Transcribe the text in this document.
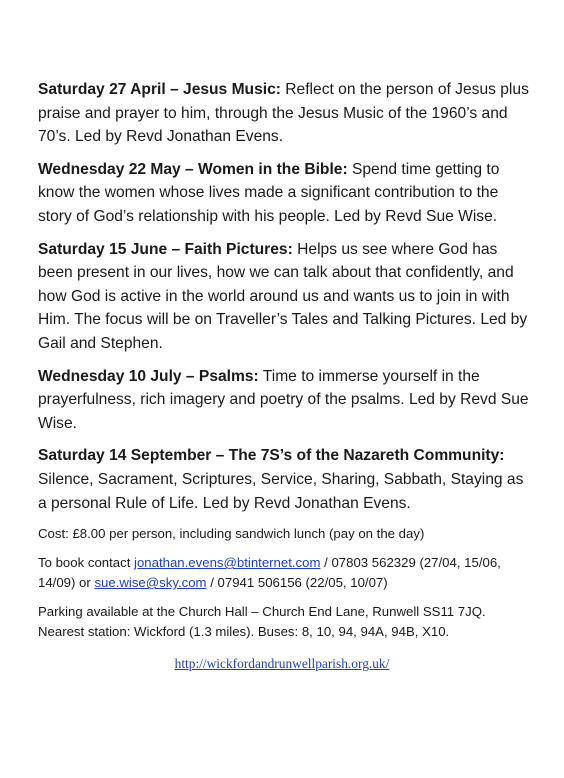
Saturday 27 April – Jesus Music: Reflect on the person of Jesus plus praise and prayer to him, through the Jesus Music of the 1960’s and 70’s. Led by Revd Jonathan Evens.

Wednesday 22 May – Women in the Bible: Spend time getting to know the women whose lives made a significant contribution to the story of God’s relationship with his people. Led by Revd Sue Wise.

Saturday 15 June – Faith Pictures: Helps us see where God has been present in our lives, how we can talk about that confidently, and how God is active in the world around us and wants us to join in with Him. The focus will be on Traveller’s Tales and Talking Pictures. Led by Gail and Stephen.

Wednesday 10 July – Psalms: Time to immerse yourself in the prayerfulness, rich imagery and poetry of the psalms. Led by Revd Sue Wise.

Saturday 14 September – The 7S’s of the Nazareth Community: Silence, Sacrament, Scriptures, Service, Sharing, Sabbath, Staying as a personal Rule of Life. Led by Revd Jonathan Evens.

Cost: £8.00 per person, including sandwich lunch (pay on the day)

To book contact jonathan.evens@btinternet.com / 07803 562329 (27/04, 15/06, 14/09) or sue.wise@sky.com / 07941 506156 (22/05, 10/07)

Parking available at the Church Hall – Church End Lane, Runwell SS11 7JQ.
Nearest station: Wickford (1.3 miles). Buses: 8, 10, 94, 94A, 94B, X10.

http://wickfordandrunwellparish.org.uk/
